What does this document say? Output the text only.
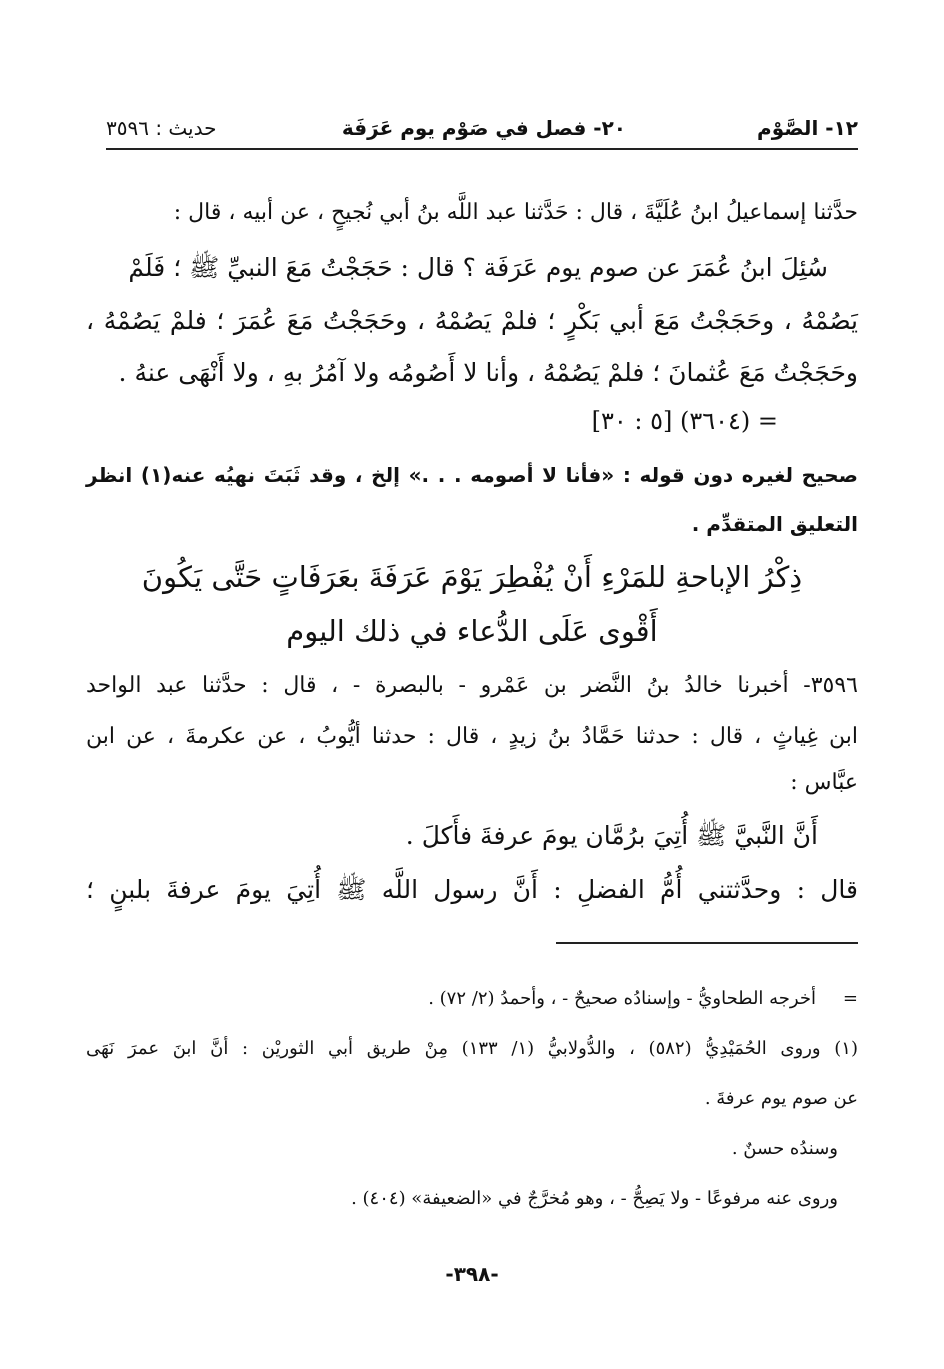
١٢- الصَّوْم
٢٠- فصل في صَوْم يوم عَرَفَة
حديث : ٣٥٩٦
حدَّثنا إسماعيلُ ابنُ عُلَيَّةَ ، قال : حَدَّثنا عبد اللَّه بنُ أبي نُجيحٍ ، عن أبيه ، قال :
سُئِلَ ابنُ عُمَرَ عن صوم يوم عَرَفَة ؟ قال : حَجَجْتُ مَعَ النبيِّ ﷺ ؛ فَلَمْ
يَصُمْهُ ، وحَجَجْتُ مَعَ أبي بَكْرٍ ؛ فلمْ يَصُمْهُ ، وحَجَجْتُ مَعَ عُمَرَ ؛ فلمْ يَصُمْهُ ،
وحَجَجْتُ مَعَ عُثمانَ ؛ فلمْ يَصُمْهُ ، وأنا لا أَصُومُه ولا آمُرُ بهِ ، ولا أَنْهَى عنهُ .
= (٣٦٠٤) [٥ : ٣٠]
صحيح لغيره دون قوله : «فأنا لا أصومه . . .» إلخ ، وقد ثَبَتَ نهيُه عنه(١) انظر
التعليق المتقدِّم .
ذِكْرُ الإباحةِ للمَرْءِ أَنْ يُفْطِرَ يَوْمَ عَرَفَةَ بعَرَفَاتٍ حَتَّى يَكُونَ
أَقْوى عَلَى الدُّعاء في ذلك اليوم
٣٥٩٦- أخبرنا خالدُ بنُ النَّضر بن عَمْرو - بالبصرة - ، قال : حدَّثنا عبد الواحد
ابن غِياثٍ ، قال : حدثنا حَمَّادُ بنُ زيدٍ ، قال : حدثنا أيُّوبُ ، عن عكرمةَ ، عن ابن
عبَّاس :
أَنَّ النَّبيَّ ﷺ أُتِيَ برُمَّان يومَ عرفةَ فأَكلَ .
قال : وحدَّثتني أُمُّ الفضلِ : أَنَّ رسول اللَّه ﷺ أُتِيَ يومَ عرفةَ بلبنٍ ؛
أخرجه الطحاويُّ - وإسنادُه صحيحٌ - ، وأحمدُ (٢/ ٧٢) .
(١) وروى الحُمَيْدِيُّ (٥٨٢) ، والدُّولابيُّ (١/ ١٣٣) مِنْ طريق أبي الثوريْن : أنَّ ابنَ عمرَ نَهَى
عن صوم يوم عرفةَ .
وسندُه حسنٌ .
وروى عنه مرفوعًا - ولا يَصِحُّ - ، وهو مُخرَّجٌ في «الضعيفة» (٤٠٤) .
=
-٣٩٨-
